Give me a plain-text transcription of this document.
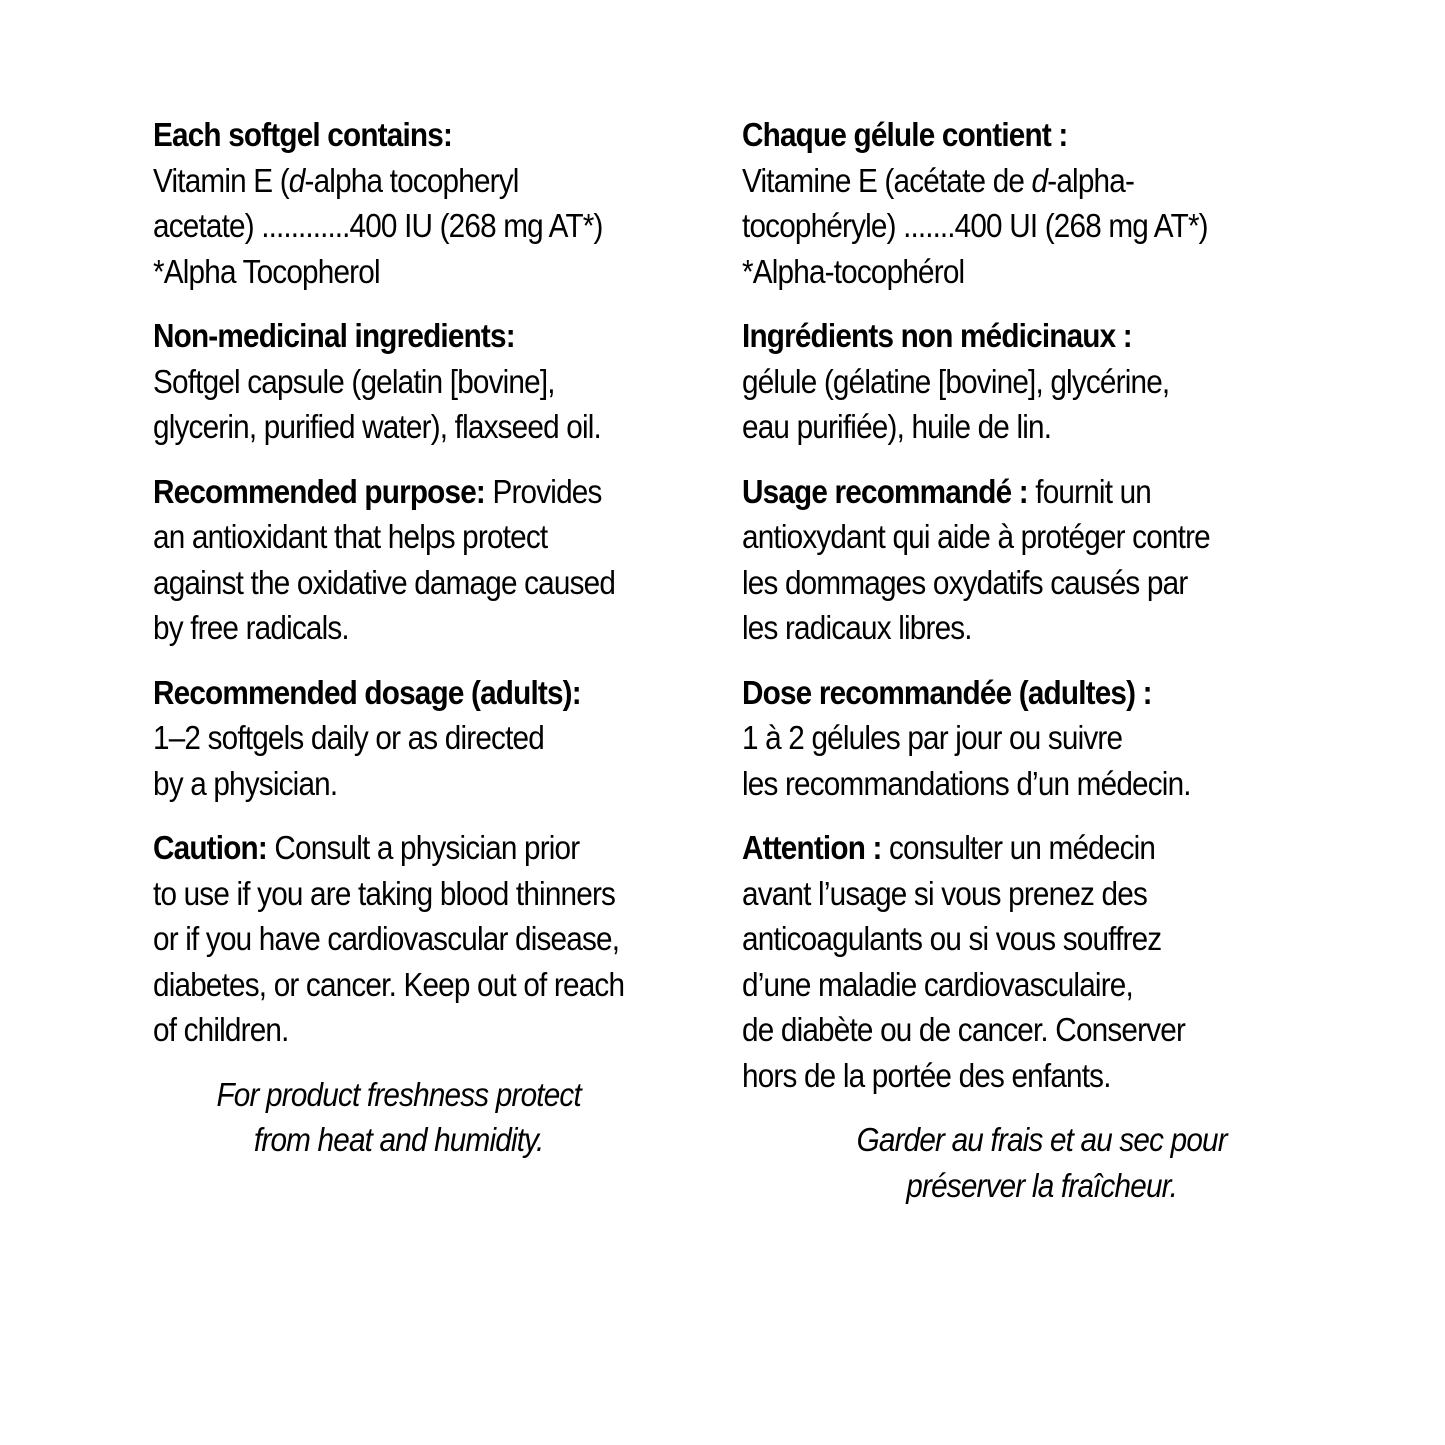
Each softgel contains:
Vitamin E (d-alpha tocopheryl
acetate) ............400 IU (268 mg AT*)
*Alpha Tocopherol
Non-medicinal ingredients:
Softgel capsule (gelatin [bovine],
glycerin, purified water), flaxseed oil.
Recommended purpose: Provides
an antioxidant that helps protect
against the oxidative damage caused
by free radicals.
Recommended dosage (adults):
1–2 softgels daily or as directed
by a physician.
Caution: Consult a physician prior
to use if you are taking blood thinners
or if you have cardiovascular disease,
diabetes, or cancer. Keep out of reach
of children.
For product freshness protect
from heat and humidity.
Chaque gélule contient :
Vitamine E (acétate de d-alpha-
tocophéryle) .......400 UI (268 mg AT*)
*Alpha-tocophérol
Ingrédients non médicinaux :
gélule (gélatine [bovine], glycérine,
eau purifiée), huile de lin.
Usage recommandé : fournit un
antioxydant qui aide à protéger contre
les dommages oxydatifs causés par
les radicaux libres.
Dose recommandée (adultes) :
1 à 2 gélules par jour ou suivre
les recommandations d’un médecin.
Attention : consulter un médecin
avant l’usage si vous prenez des
anticoagulants ou si vous souffrez
d’une maladie cardiovasculaire,
de diabète ou de cancer. Conserver
hors de la portée des enfants.
Garder au frais et au sec pour
préserver la fraîcheur.
